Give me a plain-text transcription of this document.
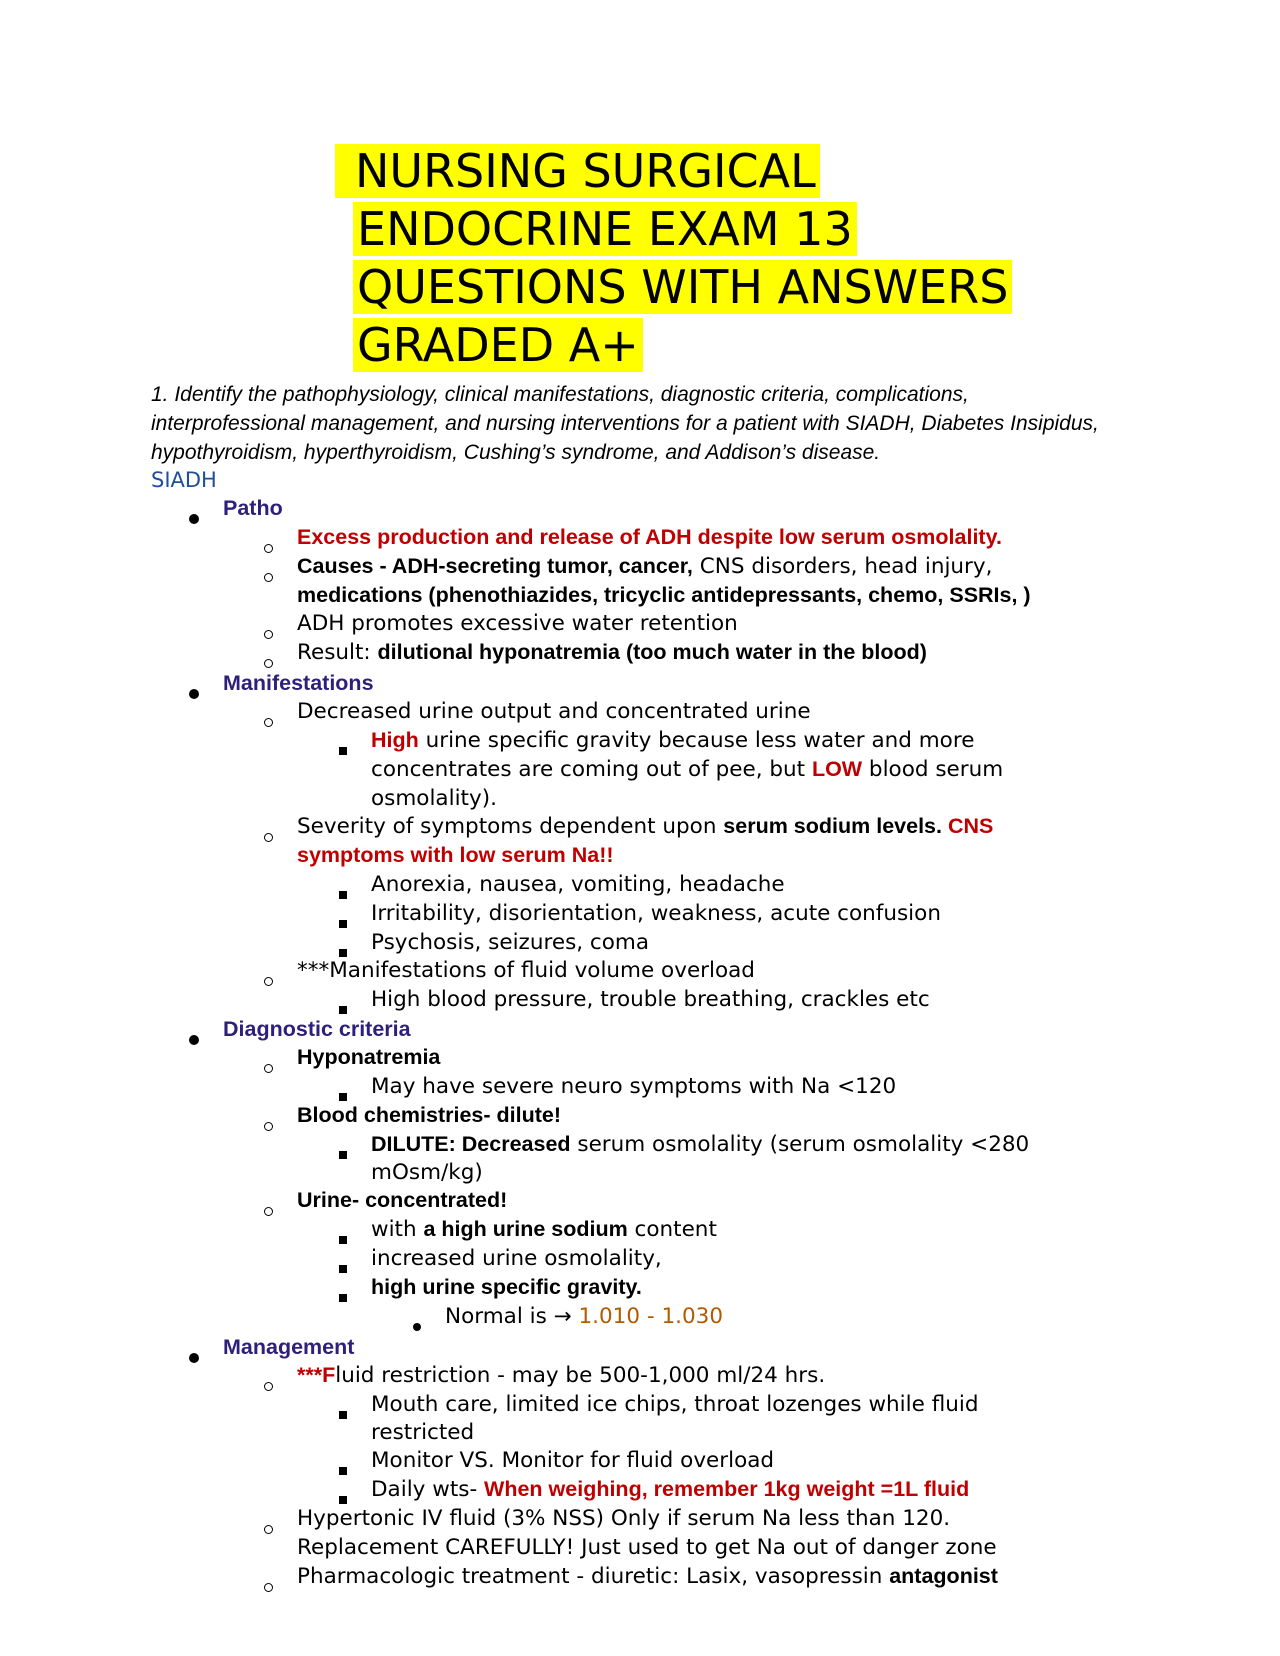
NURSING SURGICAL
ENDOCRINE EXAM 13
QUESTIONS WITH ANSWERS
GRADED A+
1. Identify the pathophysiology, clinical manifestations, diagnostic criteria, complications, interprofessional management, and nursing interventions for a patient with SIADH, Diabetes Insipidus, hypothyroidism, hyperthyroidism, Cushing’s syndrome, and Addison’s disease.
SIADH
Patho
Excess production and release of ADH despite low serum osmolality.
Causes - ADH-secreting tumor, cancer, CNS disorders, head injury,
medications (phenothiazides, tricyclic antidepressants, chemo, SSRIs, )
ADH promotes excessive water retention
Result: dilutional hyponatremia (too much water in the blood)
Manifestations
Decreased urine output and concentrated urine
High urine specific gravity because less water and more
concentrates are coming out of pee, but LOW blood serum
osmolality).
Severity of symptoms dependent upon serum sodium levels. CNS
symptoms with low serum Na!!
Anorexia, nausea, vomiting, headache
Irritability, disorientation, weakness, acute confusion
Psychosis, seizures, coma
***Manifestations of fluid volume overload
High blood pressure, trouble breathing, crackles etc
Diagnostic criteria
Hyponatremia
May have severe neuro symptoms with Na <120
Blood chemistries- dilute!
DILUTE: Decreased serum osmolality (serum osmolality <280
mOsm/kg)
Urine- concentrated!
with a high urine sodium content
increased urine osmolality,
high urine specific gravity.
Normal is → 1.010 - 1.030
Management
***Fluid restriction - may be 500-1,000 ml/24 hrs.
Mouth care, limited ice chips, throat lozenges while fluid
restricted
Monitor VS. Monitor for fluid overload
Daily wts- When weighing, remember 1kg weight =1L fluid
Hypertonic IV fluid (3% NSS) Only if serum Na less than 120.
Replacement CAREFULLY! Just used to get Na out of danger zone
Pharmacologic treatment - diuretic: Lasix, vasopressin antagonist
